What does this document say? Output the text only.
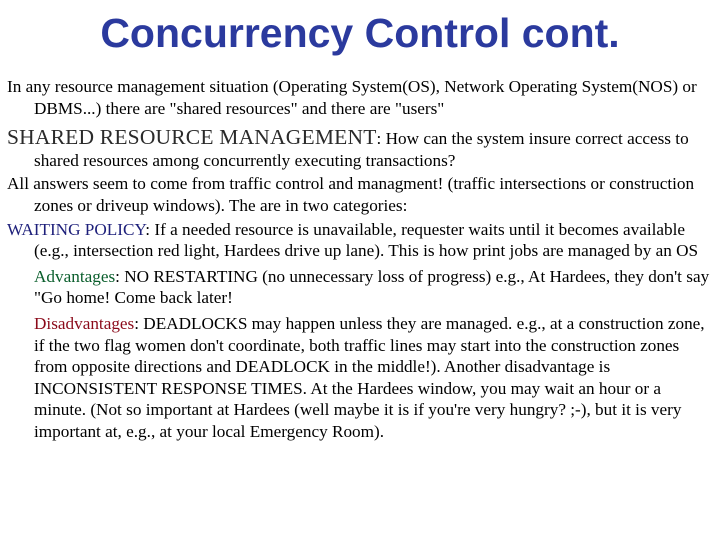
Concurrency Control cont.

In any resource management situation (Operating System(OS), Network Operating System(NOS) or DBMS...) there are "shared resources" and there are "users"

SHARED RESOURCE MANAGEMENT: How can the system insure correct access to shared resources among concurrently executing transactions?

All answers seem to come from traffic control and managment! (traffic intersections or construction zones or driveup windows). The are in two categories:

WAITING POLICY: If a needed resource is unavailable, requester waits until it becomes available (e.g., intersection red light, Hardees drive up lane). This is how print jobs are managed by an OS

Advantages: NO RESTARTING (no unnecessary loss of progress) e.g., At Hardees, they don't say "Go home! Come back later!

Disadvantages: DEADLOCKS may happen unless they are managed. e.g., at a construction zone, if the two flag women don't coordinate, both traffic lines may start into the construction zones from opposite directions and DEADLOCK in the middle!). Another disadvantage is INCONSISTENT RESPONSE TIMES. At the Hardees window, you may wait an hour or a minute. (Not so important at Hardees (well maybe it is if you're very hungry? ;-), but it is very important at, e.g., at your local Emergency Room).
